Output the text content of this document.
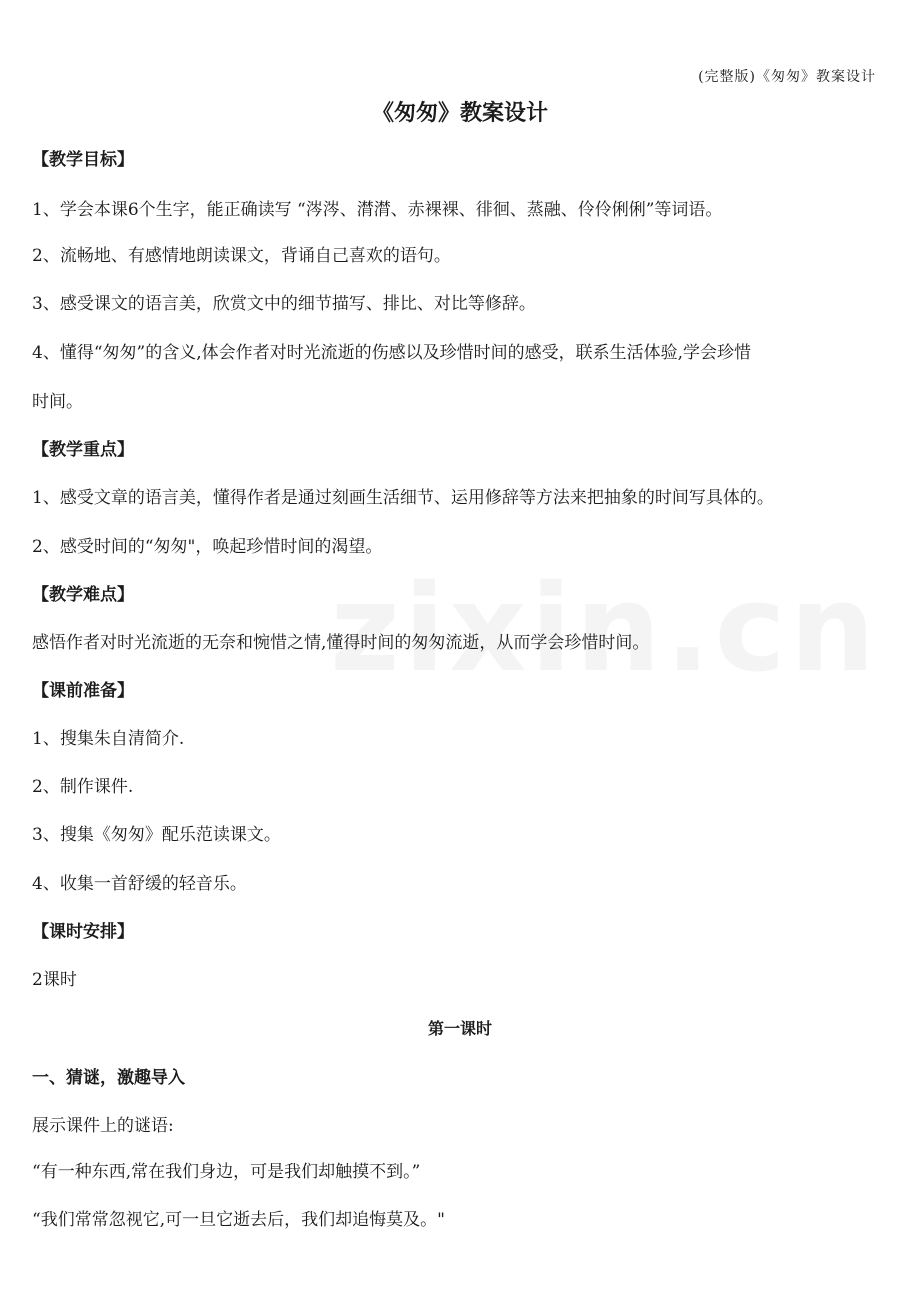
(完整版)《匆匆》教案设计
《匆匆》教案设计
【教学目标】
1、学会本课6个生字，能正确读写 “涔涔、潸潸、赤裸裸、徘徊、蒸融、伶伶俐俐”等词语。
2、流畅地、有感情地朗读课文，背诵自己喜欢的语句。
3、感受课文的语言美，欣赏文中的细节描写、排比、对比等修辞。
4、懂得“匆匆”的含义,体会作者对时光流逝的伤感以及珍惜时间的感受，联系生活体验,学会珍惜
时间。
【教学重点】
1、感受文章的语言美，懂得作者是通过刻画生活细节、运用修辞等方法来把抽象的时间写具体的。
2、感受时间的“匆匆"，唤起珍惜时间的渴望。
【教学难点】
感悟作者对时光流逝的无奈和惋惜之情,懂得时间的匆匆流逝，从而学会珍惜时间。
【课前准备】
1、搜集朱自清简介.
2、制作课件.
3、搜集《匆匆》配乐范读课文。
4、收集一首舒缓的轻音乐。
【课时安排】
2课时
第一课时
一、猜谜，激趣导入
展示课件上的谜语:
“有一种东西,常在我们身边，可是我们却触摸不到。”
“我们常常忽视它,可一旦它逝去后，我们却追悔莫及。"
